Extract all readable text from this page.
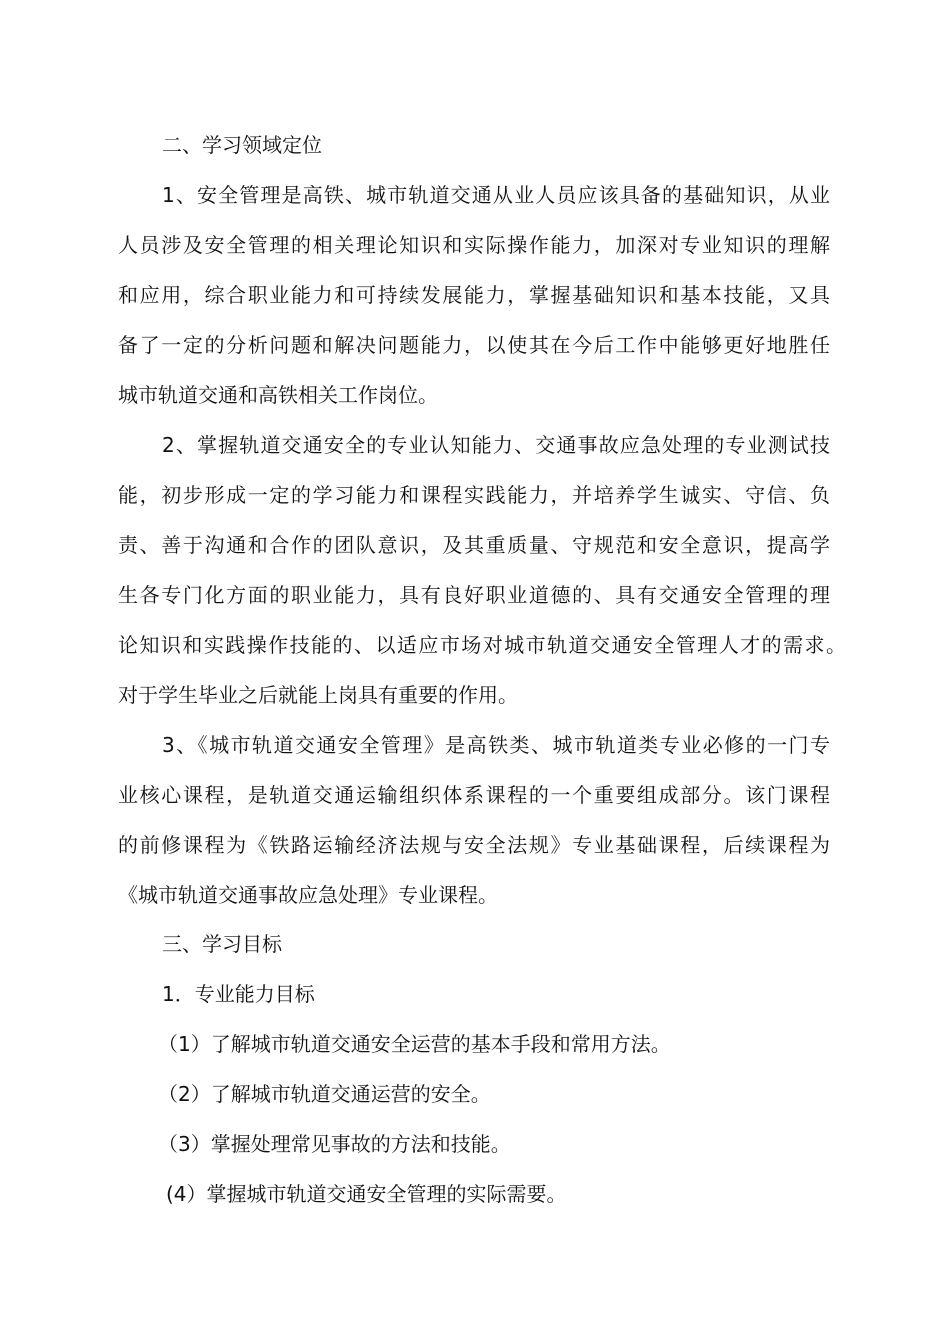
二、学习领域定位
1、安全管理是高铁、城市轨道交通从业人员应该具备的基础知识，从业
人员涉及安全管理的相关理论知识和实际操作能力，加深对专业知识的理解
和应用，综合职业能力和可持续发展能力，掌握基础知识和基本技能，又具
备了一定的分析问题和解决问题能力，以使其在今后工作中能够更好地胜任
城市轨道交通和高铁相关工作岗位。
2、掌握轨道交通安全的专业认知能力、交通事故应急处理的专业测试技
能，初步形成一定的学习能力和课程实践能力，并培养学生诚实、守信、负
责、善于沟通和合作的团队意识，及其重质量、守规范和安全意识，提高学
生各专门化方面的职业能力，具有良好职业道德的、具有交通安全管理的理
论知识和实践操作技能的、以适应市场对城市轨道交通安全管理人才的需求。
对于学生毕业之后就能上岗具有重要的作用。
3、《城市轨道交通安全管理》是高铁类、城市轨道类专业必修的一门专
业核心课程，是轨道交通运输组织体系课程的一个重要组成部分。该门课程
的前修课程为《铁路运输经济法规与安全法规》专业基础课程，后续课程为
《城市轨道交通事故应急处理》专业课程。
三、学习目标
1．专业能力目标
（1）了解城市轨道交通安全运营的基本手段和常用方法。
（2）了解城市轨道交通运营的安全。
（3）掌握处理常见事故的方法和技能。
(4）掌握城市轨道交通安全管理的实际需要。
